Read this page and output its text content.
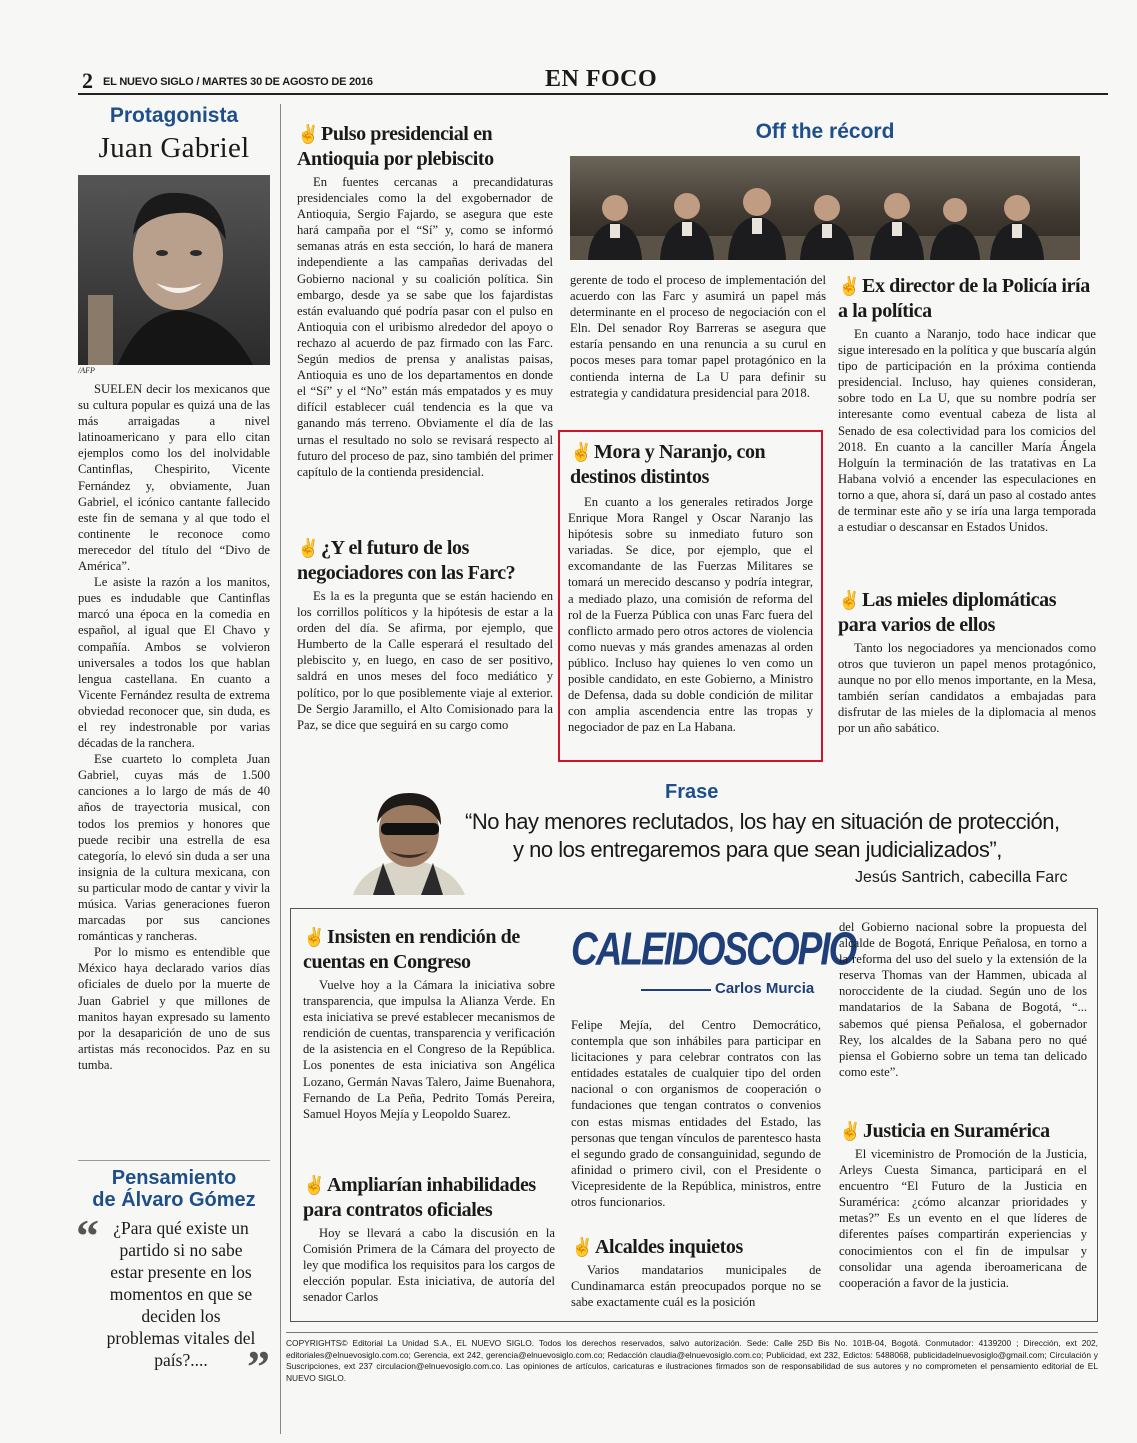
2 EL NUEVO SIGLO / MARTES 30 DE AGOSTO DE 2016	EN FOCO
Protagonista
Juan Gabriel
/AFP

SUELEN decir los mexicanos que su cultura popular es quizá una de las más arraigadas a nivel latinoamericano y para ello citan ejemplos como los del inolvidable Cantinflas, Chespirito, Vicente Fernández y, obviamente, Juan Gabriel, el icónico cantante fallecido este fin de semana y al que todo el continente le reconoce como merecedor del título del “Divo de América”.

Le asiste la razón a los manitos, pues es indudable que Cantinflas marcó una época en la comedia en español, al igual que El Chavo y compañía. Ambos se volvieron universales a todos los que hablan lengua castellana. En cuanto a Vicente Fernández resulta de extrema obviedad reconocer que, sin duda, es el rey indestronable por varias décadas de la ranchera.

Ese cuarteto lo completa Juan Gabriel, cuyas más de 1.500 canciones a lo largo de más de 40 años de trayectoria musical, con todos los premios y honores que puede recibir una estrella de esa categoría, lo elevó sin duda a ser una insignia de la cultura mexicana, con su particular modo de cantar y vivir la música. Varias generaciones fueron marcadas por sus canciones románticas y rancheras.

Por lo mismo es entendible que México haya declarado varios días oficiales de duelo por la muerte de Juan Gabriel y que millones de manitos hayan expresado su lamento por la desaparición de uno de sus artistas más reconocidos. Paz en su tumba.

Pensamiento
de Álvaro Gómez
“ ¿Para qué existe un partido si no sabe estar presente en los momentos en que se deciden los problemas vitales del país?.... ”
✌ Pulso presidencial en Antioquia por plebiscito

En fuentes cercanas a precandidaturas presidenciales como la del exgobernador de Antioquia, Sergio Fajardo, se asegura que este hará campaña por el “Sí” y, como se informó semanas atrás en esta sección, lo hará de manera independiente a las campañas derivadas del Gobierno nacional y su coalición política. Sin embargo, desde ya se sabe que los fajardistas están evaluando qué podría pasar con el pulso en Antioquia con el uribismo alrededor del apoyo o rechazo al acuerdo de paz firmado con las Farc. Según medios de prensa y analistas paisas, Antioquia es uno de los departamentos en donde el “Sí” y el “No” están más empatados y es muy difícil establecer cuál tendencia es la que va ganando más terreno. Obviamente el día de las urnas el resultado no solo se revisará respecto al futuro del proceso de paz, sino también del primer capítulo de la contienda presidencial.

✌ ¿Y el futuro de los negociadores con las Farc?

Es la es la pregunta que se están haciendo en los corrillos políticos y la hipótesis de estar a la orden del día. Se afirma, por ejemplo, que Humberto de la Calle esperará el resultado del plebiscito y, en luego, en caso de ser positivo, saldrá en unos meses del foco mediático y político, por lo que posiblemente viaje al exterior. De Sergio Jaramillo, el Alto Comisionado para la Paz, se dice que seguirá en su cargo como

Off the récord

gerente de todo el proceso de implementación del acuerdo con las Farc y asumirá un papel más determinante en el proceso de negociación con el Eln. Del senador Roy Barreras se asegura que estaría pensando en una renuncia a su curul en pocos meses para tomar papel protagónico en la contienda interna de La U para definir su estrategia y candidatura presidencial para 2018.

✌ Mora y Naranjo, con destinos distintos

En cuanto a los generales retirados Jorge Enrique Mora Rangel y Oscar Naranjo las hipótesis sobre su inmediato futuro son variadas. Se dice, por ejemplo, que el excomandante de las Fuerzas Militares se tomará un merecido descanso y podría integrar, a mediado plazo, una comisión de reforma del rol de la Fuerza Pública con unas Farc fuera del conflicto armado pero otros actores de violencia como nuevas y más grandes amenazas al orden público. Incluso hay quienes lo ven como un posible candidato, en este Gobierno, a Ministro de Defensa, dada su doble condición de militar con amplia ascendencia entre las tropas y negociador de paz en La Habana.

✌ Ex director de la Policía iría a la política

En cuanto a Naranjo, todo hace indicar que sigue interesado en la política y que buscaría algún tipo de participación en la próxima contienda presidencial. Incluso, hay quienes consideran, sobre todo en La U, que su nombre podría ser interesante como eventual cabeza de lista al Senado de esa colectividad para los comicios del 2018. En cuanto a la canciller María Ángela Holguín la terminación de las tratativas en La Habana volvió a encender las especulaciones en torno a que, ahora sí, dará un paso al costado antes de terminar este año y se iría una larga temporada a estudiar o descansar en Estados Unidos.

✌ Las mieles diplomáticas para varios de ellos

Tanto los negociadores ya mencionados como otros que tuvieron un papel menos protagónico, aunque no por ello menos importante, en la Mesa, también serían candidatos a embajadas para disfrutar de las mieles de la diplomacia al menos por un año sabático.

Frase
“No hay menores reclutados, los hay en situación de protección,
y no los entregaremos para que sean judicializados”,
Jesús Santrich, cabecilla Farc
✌ Insisten en rendición de cuentas en Congreso

Vuelve hoy a la Cámara la iniciativa sobre transparencia, que impulsa la Alianza Verde. En esta iniciativa se prevé establecer mecanismos de rendición de cuentas, transparencia y verificación de la asistencia en el Congreso de la República. Los ponentes de esta iniciativa son Angélica Lozano, Germán Navas Talero, Jaime Buenahora, Fernando de La Peña, Pedrito Tomás Pereira, Samuel Hoyos Mejía y Leopoldo Suarez.

✌ Ampliarían inhabilidades para contratos oficiales

Hoy se llevará a cabo la discusión en la Comisión Primera de la Cámara del proyecto de ley que modifica los requisitos para los cargos de elección popular. Esta iniciativa, de autoría del senador Carlos

CALEIDOSCOPIO
Carlos Murcia

Felipe Mejía, del Centro Democrático, contempla que son inhábiles para participar en licitaciones y para celebrar contratos con las entidades estatales de cualquier tipo del orden nacional o con organismos de cooperación o fundaciones que tengan contratos o convenios con estas mismas entidades del Estado, las personas que tengan vínculos de parentesco hasta el segundo grado de consanguinidad, segundo de afinidad o primero civil, con el Presidente o Vicepresidente de la República, ministros, entre otros funcionarios.

✌ Alcaldes inquietos

Varios mandatarios municipales de Cundinamarca están preocupados porque no se sabe exactamente cuál es la posición

del Gobierno nacional sobre la propuesta del alcalde de Bogotá, Enrique Peñalosa, en torno a la reforma del uso del suelo y la extensión de la reserva Thomas van der Hammen, ubicada al noroccidente de la ciudad. Según uno de los mandatarios de la Sabana de Bogotá, “... sabemos qué piensa Peñalosa, el gobernador Rey, los alcaldes de la Sabana pero no qué piensa el Gobierno sobre un tema tan delicado como este”.

✌ Justicia en Suramérica

El viceministro de Promoción de la Justicia, Arleys Cuesta Simanca, participará en el encuentro “El Futuro de la Justicia en Suramérica: ¿cómo alcanzar prioridades y metas?” Es un evento en el que líderes de diferentes países compartirán experiencias y conocimientos con el fin de impulsar y consolidar una agenda iberoamericana de cooperación a favor de la justicia.

COPYRIGHTS© Editorial La Unidad S.A., EL NUEVO SIGLO. Todos los derechos reservados, salvo autorización. Sede: Calle 25D Bis No. 101B-04, Bogotá. Conmutador: 4139200 ; Dirección, ext 202, editoriales@elnuevosiglo.com.co; Gerencia, ext 242, gerencia@elnuevosiglo.com.co; Redacción claudia@elnuevosiglo.com.co; Publicidad, ext 232, Edictos: 5488068, publicidadelnuevosiglo@gmail.com; Circulación y Suscripciones, ext 237 circulacion@elnuevosiglo.com.co. Las opiniones de artículos, caricaturas e ilustraciones firmados son de responsabilidad de sus autores y no comprometen el pensamiento editorial de EL NUEVO SIGLO.
